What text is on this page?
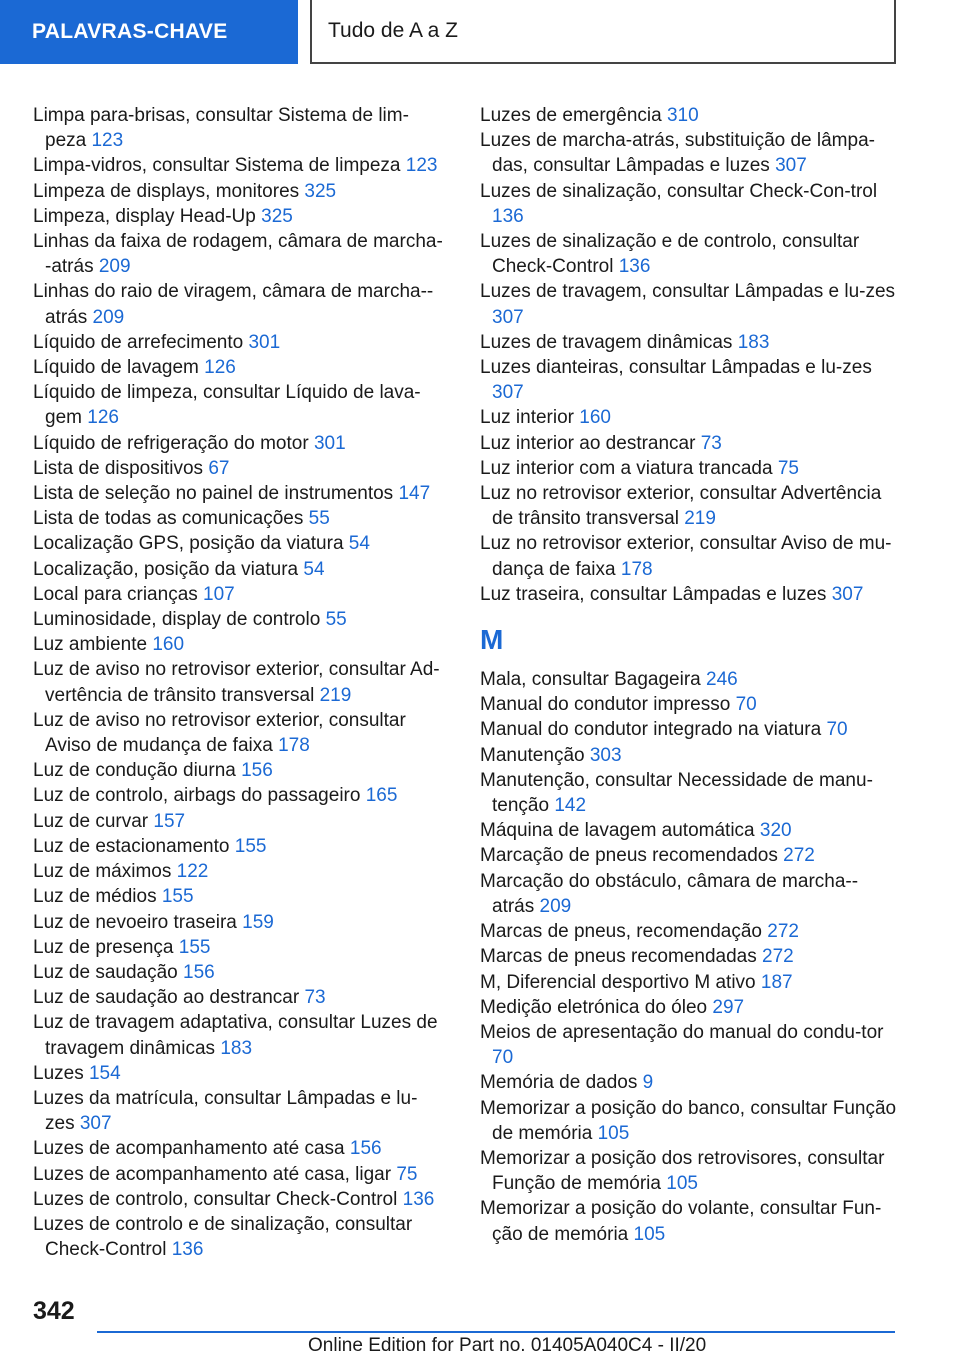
PALAVRAS-CHAVE	Tudo de A a Z

Limpa para-brisas, consultar Sistema de lim-peza 123

Limpa-vidros, consultar Sistema de limpeza 123

Limpeza de displays, monitores 325

Limpeza, display Head-Up 325

Linhas da faixa de rodagem, câmara de marcha--atrás 209

Linhas do raio de viragem, câmara de marcha--atrás 209

Líquido de arrefecimento 301

Líquido de lavagem 126

Líquido de limpeza, consultar Líquido de lava-gem 126

Líquido de refrigeração do motor 301

Lista de dispositivos 67

Lista de seleção no painel de instrumentos 147

Lista de todas as comunicações 55

Localização GPS, posição da viatura 54

Localização, posição da viatura 54

Local para crianças 107

Luminosidade, display de controlo 55

Luz ambiente 160

Luz de aviso no retrovisor exterior, consultar Ad-vertência de trânsito transversal 219

Luz de aviso no retrovisor exterior, consultar Aviso de mudança de faixa 178

Luz de condução diurna 156

Luz de controlo, airbags do passageiro 165

Luz de curvar 157

Luz de estacionamento 155

Luz de máximos 122

Luz de médios 155

Luz de nevoeiro traseira 159

Luz de presença 155

Luz de saudação 156

Luz de saudação ao destrancar 73

Luz de travagem adaptativa, consultar Luzes de travagem dinâmicas 183

Luzes 154

Luzes da matrícula, consultar Lâmpadas e lu-zes 307

Luzes de acompanhamento até casa 156

Luzes de acompanhamento até casa, ligar 75

Luzes de controlo, consultar Check-Control 136

Luzes de controlo e de sinalização, consultar Check-Control 136

Luzes de emergência 310

Luzes de marcha-atrás, substituição de lâmpa-das, consultar Lâmpadas e luzes 307

Luzes de sinalização, consultar Check-Con-trol 136

Luzes de sinalização e de controlo, consultar Check-Control 136

Luzes de travagem, consultar Lâmpadas e lu-zes 307

Luzes de travagem dinâmicas 183

Luzes dianteiras, consultar Lâmpadas e lu-zes 307

Luz interior 160

Luz interior ao destrancar 73

Luz interior com a viatura trancada 75

Luz no retrovisor exterior, consultar Advertência de trânsito transversal 219

Luz no retrovisor exterior, consultar Aviso de mu-dança de faixa 178

Luz traseira, consultar Lâmpadas e luzes 307

M

Mala, consultar Bagageira 246

Manual do condutor impresso 70

Manual do condutor integrado na viatura 70

Manutenção 303

Manutenção, consultar Necessidade de manu-tenção 142

Máquina de lavagem automática 320

Marcação de pneus recomendados 272

Marcação do obstáculo, câmara de marcha--atrás 209

Marcas de pneus, recomendação 272

Marcas de pneus recomendadas 272

M, Diferencial desportivo M ativo 187

Medição eletrónica do óleo 297

Meios de apresentação do manual do condu-tor 70

Memória de dados 9

Memorizar a posição do banco, consultar Função de memória 105

Memorizar a posição dos retrovisores, consultar Função de memória 105

Memorizar a posição do volante, consultar Fun-ção de memória 105

342
Online Edition for Part no. 01405A040C4 - II/20
